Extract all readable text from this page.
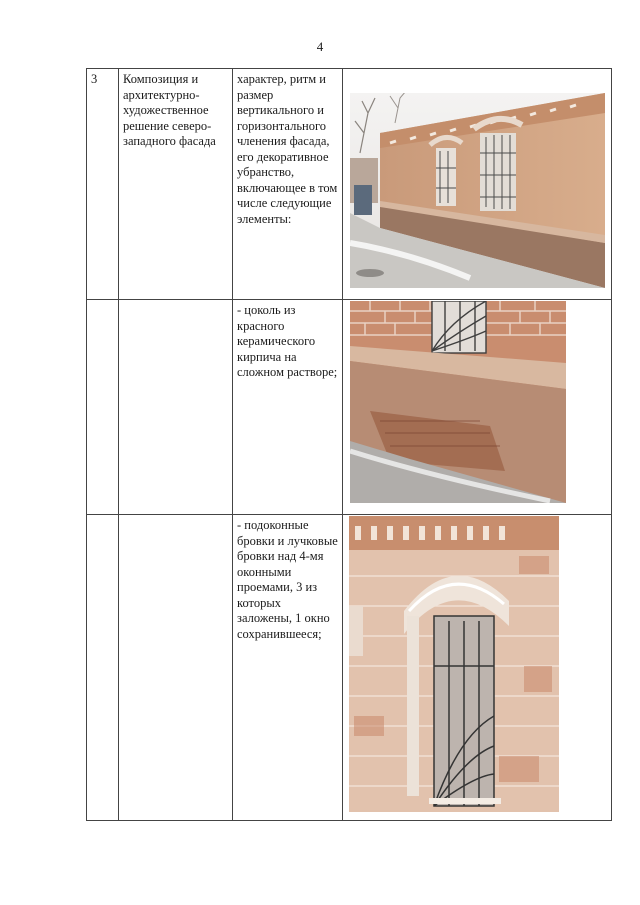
4
3	Композиция и архитектурно-художественное решение северо-западного фасада	характер, ритм и размер вертикального и горизонтального членения фасада, его декоративное убранство, включающее в том числе следующие элементы:	

		- цоколь из красного керамического кирпича на сложном растворе;	

		- подоконные бровки и лучковые бровки над 4-мя оконными проемами, 3 из которых заложены, 1 окно сохранившееся;	
